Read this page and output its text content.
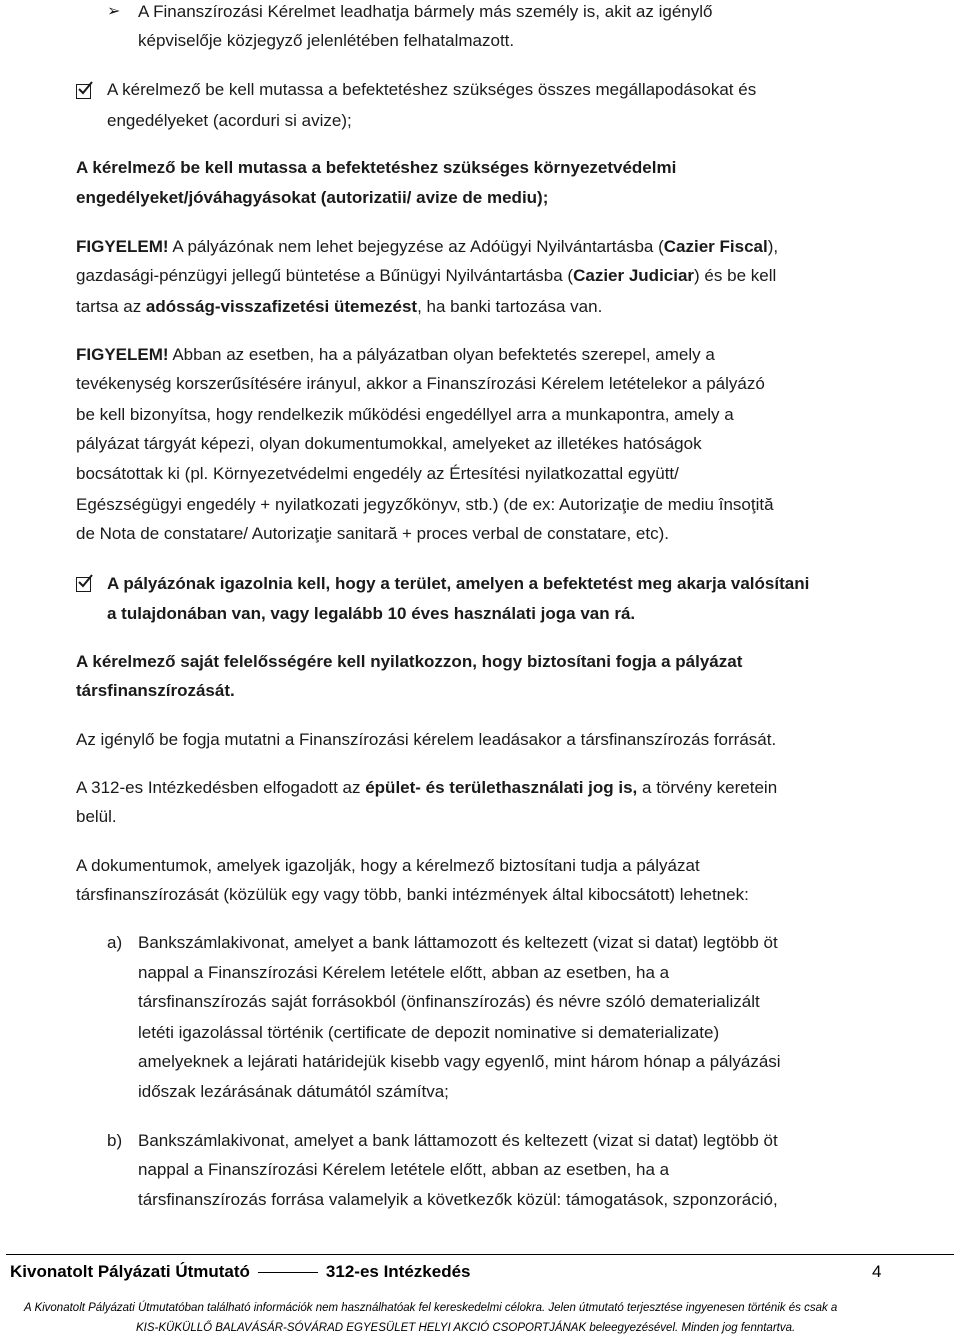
➢ A Finanszírozási Kérelmet leadhatja bármely más személy is, akit az igénylő
képviselője közjegyző jelenlétében felhatalmazott.
A kérelmező be kell mutassa a befektetéshez szükséges összes megállapodásokat és
engedélyeket (acorduri si avize);
A kérelmező be kell mutassa a befektetéshez szükséges környezetvédelmi
engedélyeket/jóváhagyásokat (autorizatii/ avize de mediu);
FIGYELEM! A pályázónak nem lehet bejegyzése az Adóügyi Nyilvántartásba (Cazier Fiscal),
gazdasági-pénzügyi jellegű büntetése a Bűnügyi Nyilvántartásba (Cazier Judiciar) és be kell
tartsa az adósság-visszafizetési ütemezést, ha banki tartozása van.
FIGYELEM! Abban az esetben, ha a pályázatban olyan befektetés szerepel, amely a
tevékenység korszerűsítésére irányul, akkor a Finanszírozási Kérelem letételekor a pályázó
be kell bizonyítsa, hogy rendelkezik működési engedéllyel arra a munkapontra, amely a
pályázat tárgyát képezi, olyan dokumentumokkal, amelyeket az illetékes hatóságok
bocsátottak ki (pl. Környezetvédelmi engedély az Értesítési nyilatkozattal együtt/
Egészségügyi engedély + nyilatkozati jegyzőkönyv, stb.) (de ex: Autorizaţie de mediu însoţită
de Nota de constatare/ Autorizaţie sanitară + proces verbal de constatare, etc).
A pályázónak igazolnia kell, hogy a terület, amelyen a befektetést meg akarja valósítani
a tulajdonában van, vagy legalább 10 éves használati joga van rá.
A kérelmező saját felelősségére kell nyilatkozzon, hogy biztosítani fogja a pályázat
társfinanszírozását.
Az igénylő be fogja mutatni a Finanszírozási kérelem leadásakor a társfinanszírozás forrását.
A 312-es Intézkedésben elfogadott az épület- és területhasználati jog is, a törvény keretein
belül.
A dokumentumok, amelyek igazolják, hogy a kérelmező biztosítani tudja a pályázat
társfinanszírozását (közülük egy vagy több, banki intézmények által kibocsátott) lehetnek:
a) Bankszámlakivonat, amelyet a bank láttamozott és keltezett (vizat si datat) legtöbb öt
nappal a Finanszírozási Kérelem letétele előtt, abban az esetben, ha a
társfinanszírozás saját forrásokból (önfinanszírozás) és névre szóló dematerializált
letéti igazolással történik (certificate de depozit nominative si dematerializate)
amelyeknek a lejárati határidejük kisebb vagy egyenlő, mint három hónap a pályázási
időszak lezárásának dátumától számítva;
b) Bankszámlakivonat, amelyet a bank láttamozott és keltezett (vizat si datat) legtöbb öt
nappal a Finanszírozási Kérelem letétele előtt, abban az esetben, ha a
társfinanszírozás forrása valamelyik a következők közül: támogatások, szponzoráció,
Kivonatolt Pályázati Útmutató	312-es Intézkedés	4
A Kivonatolt Pályázati Útmutatóban található információk nem használhatóak fel kereskedelmi célokra. Jelen útmutató terjesztése ingyenesen történik és csak a
KIS-KÜKÜLLŐ BALAVÁSÁR-SÓVÁRAD EGYESÜLET HELYI AKCIÓ CSOPORTJÁNAK beleegyezésével. Minden jog fenntartva.
